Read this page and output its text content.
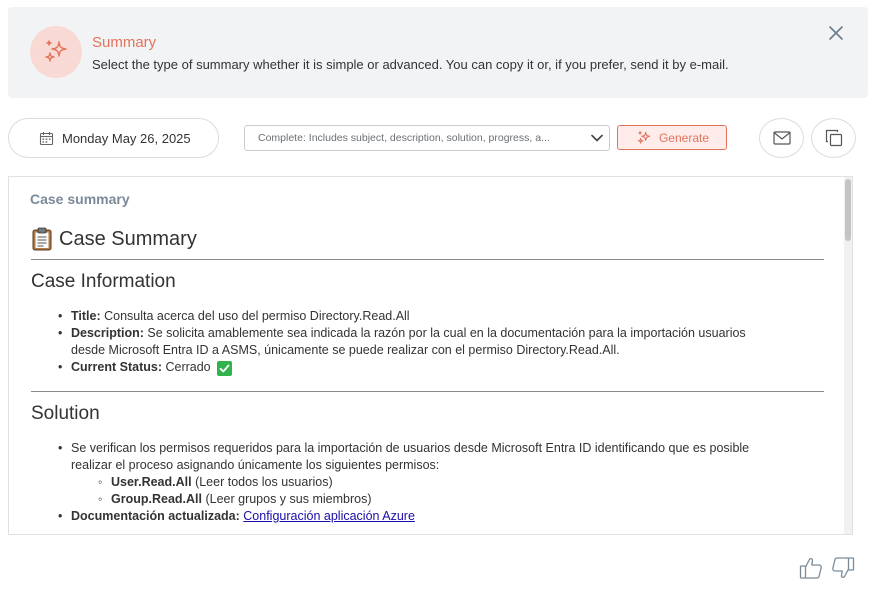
Summary
Select the type of summary whether it is simple or advanced. You can copy it or, if you prefer, send it by e-mail.
Monday May 26, 2025	Complete: Includes subject, description, solution, progress, a...	Generate
Case summary
Case Summary
Case Information
• Title: Consulta acerca del uso del permiso Directory.Read.All
• Description: Se solicita amablemente sea indicada la razón por la cual en la documentación para la importación usuarios
desde Microsoft Entra ID a ASMS, únicamente se puede realizar con el permiso Directory.Read.All.
• Current Status: Cerrado
Solution
• Se verifican los permisos requeridos para la importación de usuarios desde Microsoft Entra ID identificando que es posible
realizar el proceso asignando únicamente los siguientes permisos:
◦ User.Read.All (Leer todos los usuarios)
◦ Group.Read.All (Leer grupos y sus miembros)
• Documentación actualizada: Configuración aplicación Azure
